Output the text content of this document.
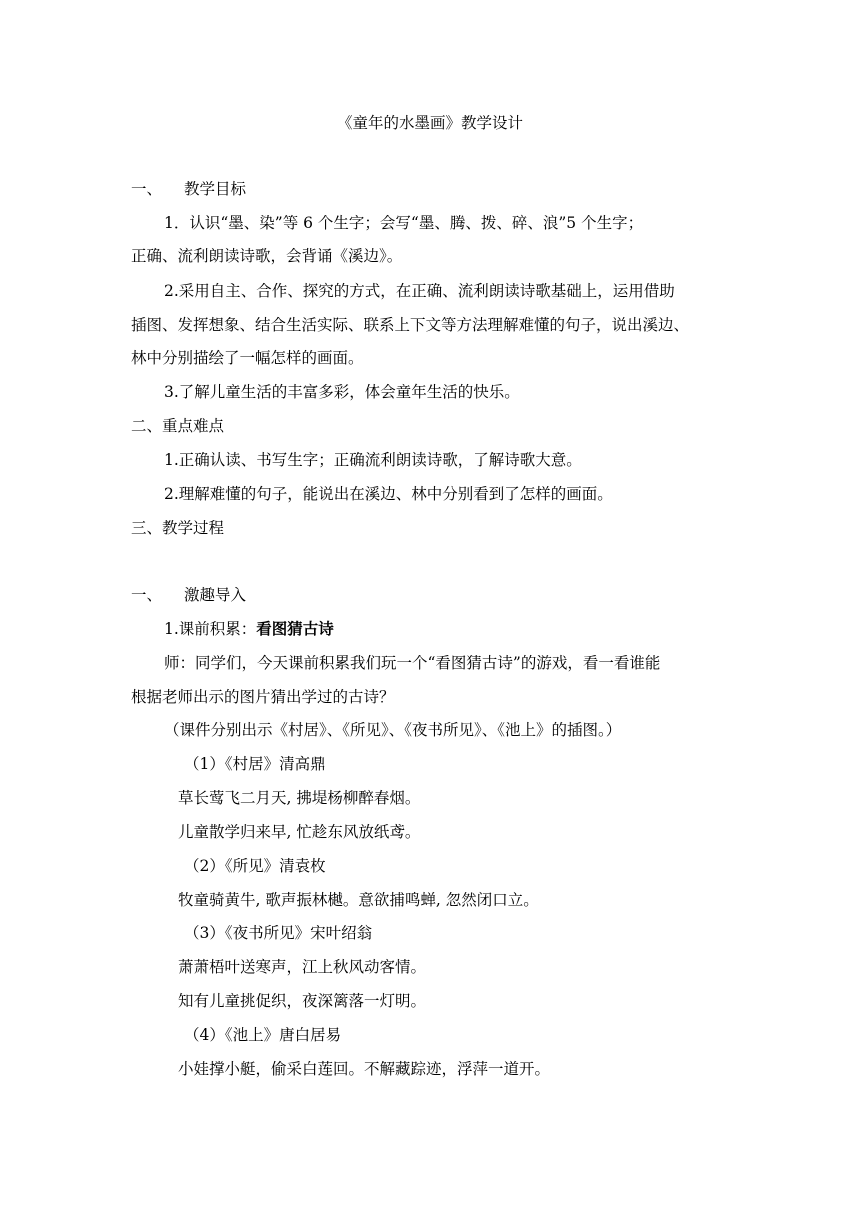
《童年的水墨画》教学设计
一、 教学目标
1．认识“墨、染”等 6 个生字；会写“墨、腾、拨、碎、浪”5 个生字；
正确、流利朗读诗歌，会背诵《溪边》。
2.采用自主、合作、探究的方式，在正确、流利朗读诗歌基础上，运用借助
插图、发挥想象、结合生活实际、联系上下文等方法理解难懂的句子，说出溪边、
林中分别描绘了一幅怎样的画面。
3.了解儿童生活的丰富多彩，体会童年生活的快乐。
二、重点难点
1.正确认读、书写生字；正确流利朗读诗歌，了解诗歌大意。
2.理解难懂的句子，能说出在溪边、林中分别看到了怎样的画面。
三、教学过程
一、 激趣导入
1.课前积累：看图猜古诗
师：同学们，今天课前积累我们玩一个“看图猜古诗”的游戏，看一看谁能
根据老师出示的图片猜出学过的古诗？
（课件分别出示《村居》、《所见》、《夜书所见》、《池上》的插图。）
（1）《村居》清高鼎
草长莺飞二月天, 拂堤杨柳醉春烟。
儿童散学归来早, 忙趁东风放纸鸢。
（2）《所见》清袁枚
牧童骑黄牛, 歌声振林樾。意欲捕鸣蝉, 忽然闭口立。
（3）《夜书所见》宋叶绍翁
萧萧梧叶送寒声，江上秋风动客情。
知有儿童挑促织，夜深篱落一灯明。
（4）《池上》唐白居易
小娃撑小艇，偷采白莲回。不解藏踪迹，浮萍一道开。
